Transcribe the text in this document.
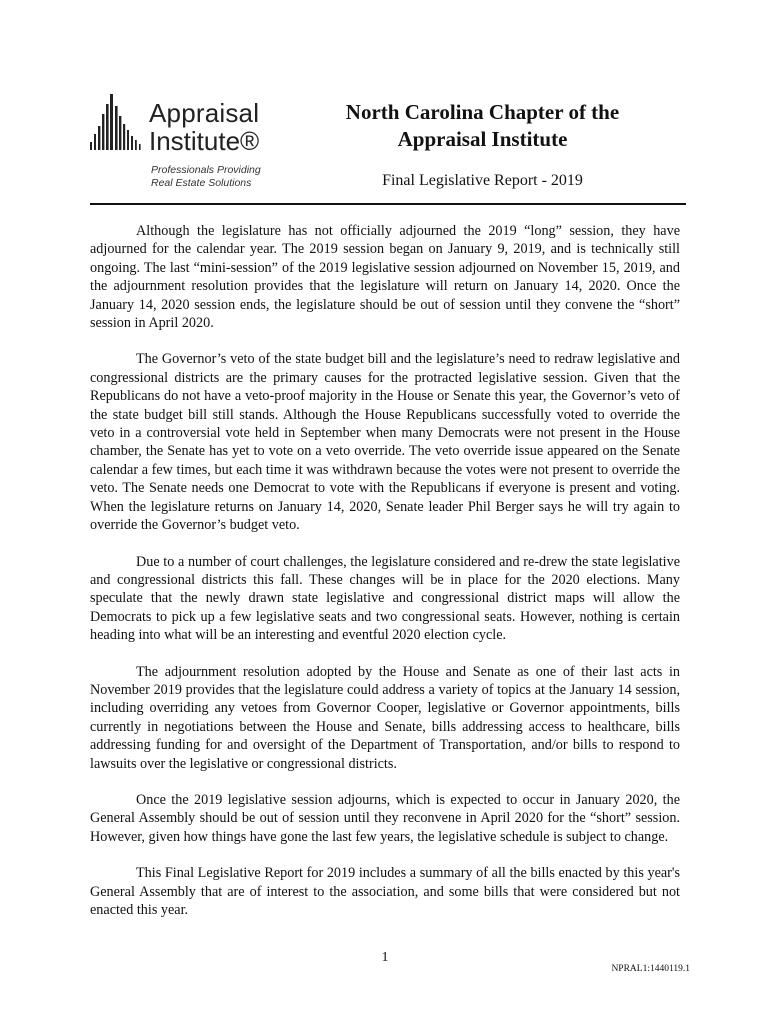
Appraisal
Institute®
Professionals Providing
Real Estate Solutions
North Carolina Chapter of the
Appraisal Institute
Final Legislative Report - 2019

Although the legislature has not officially adjourned the 2019 “long” session, they have adjourned for the calendar year. The 2019 session began on January 9, 2019, and is technically still ongoing. The last “mini-session” of the 2019 legislative session adjourned on November 15, 2019, and the adjournment resolution provides that the legislature will return on January 14, 2020. Once the January 14, 2020 session ends, the legislature should be out of session until they convene the “short” session in April 2020.

The Governor’s veto of the state budget bill and the legislature’s need to redraw legislative and congressional districts are the primary causes for the protracted legislative session. Given that the Republicans do not have a veto-proof majority in the House or Senate this year, the Governor’s veto of the state budget bill still stands. Although the House Republicans successfully voted to override the veto in a controversial vote held in September when many Democrats were not present in the House chamber, the Senate has yet to vote on a veto override. The veto override issue appeared on the Senate calendar a few times, but each time it was withdrawn because the votes were not present to override the veto. The Senate needs one Democrat to vote with the Republicans if everyone is present and voting. When the legislature returns on January 14, 2020, Senate leader Phil Berger says he will try again to override the Governor’s budget veto.

Due to a number of court challenges, the legislature considered and re-drew the state legislative and congressional districts this fall. These changes will be in place for the 2020 elections. Many speculate that the newly drawn state legislative and congressional district maps will allow the Democrats to pick up a few legislative seats and two congressional seats. However, nothing is certain heading into what will be an interesting and eventful 2020 election cycle.

The adjournment resolution adopted by the House and Senate as one of their last acts in November 2019 provides that the legislature could address a variety of topics at the January 14 session, including overriding any vetoes from Governor Cooper, legislative or Governor appointments, bills currently in negotiations between the House and Senate, bills addressing access to healthcare, bills addressing funding for and oversight of the Department of Transportation, and/or bills to respond to lawsuits over the legislative or congressional districts.

Once the 2019 legislative session adjourns, which is expected to occur in January 2020, the General Assembly should be out of session until they reconvene in April 2020 for the “short” session. However, given how things have gone the last few years, the legislative schedule is subject to change.

This Final Legislative Report for 2019 includes a summary of all the bills enacted by this year's General Assembly that are of interest to the association, and some bills that were considered but not enacted this year.

1
NPRAL1:1440119.1
